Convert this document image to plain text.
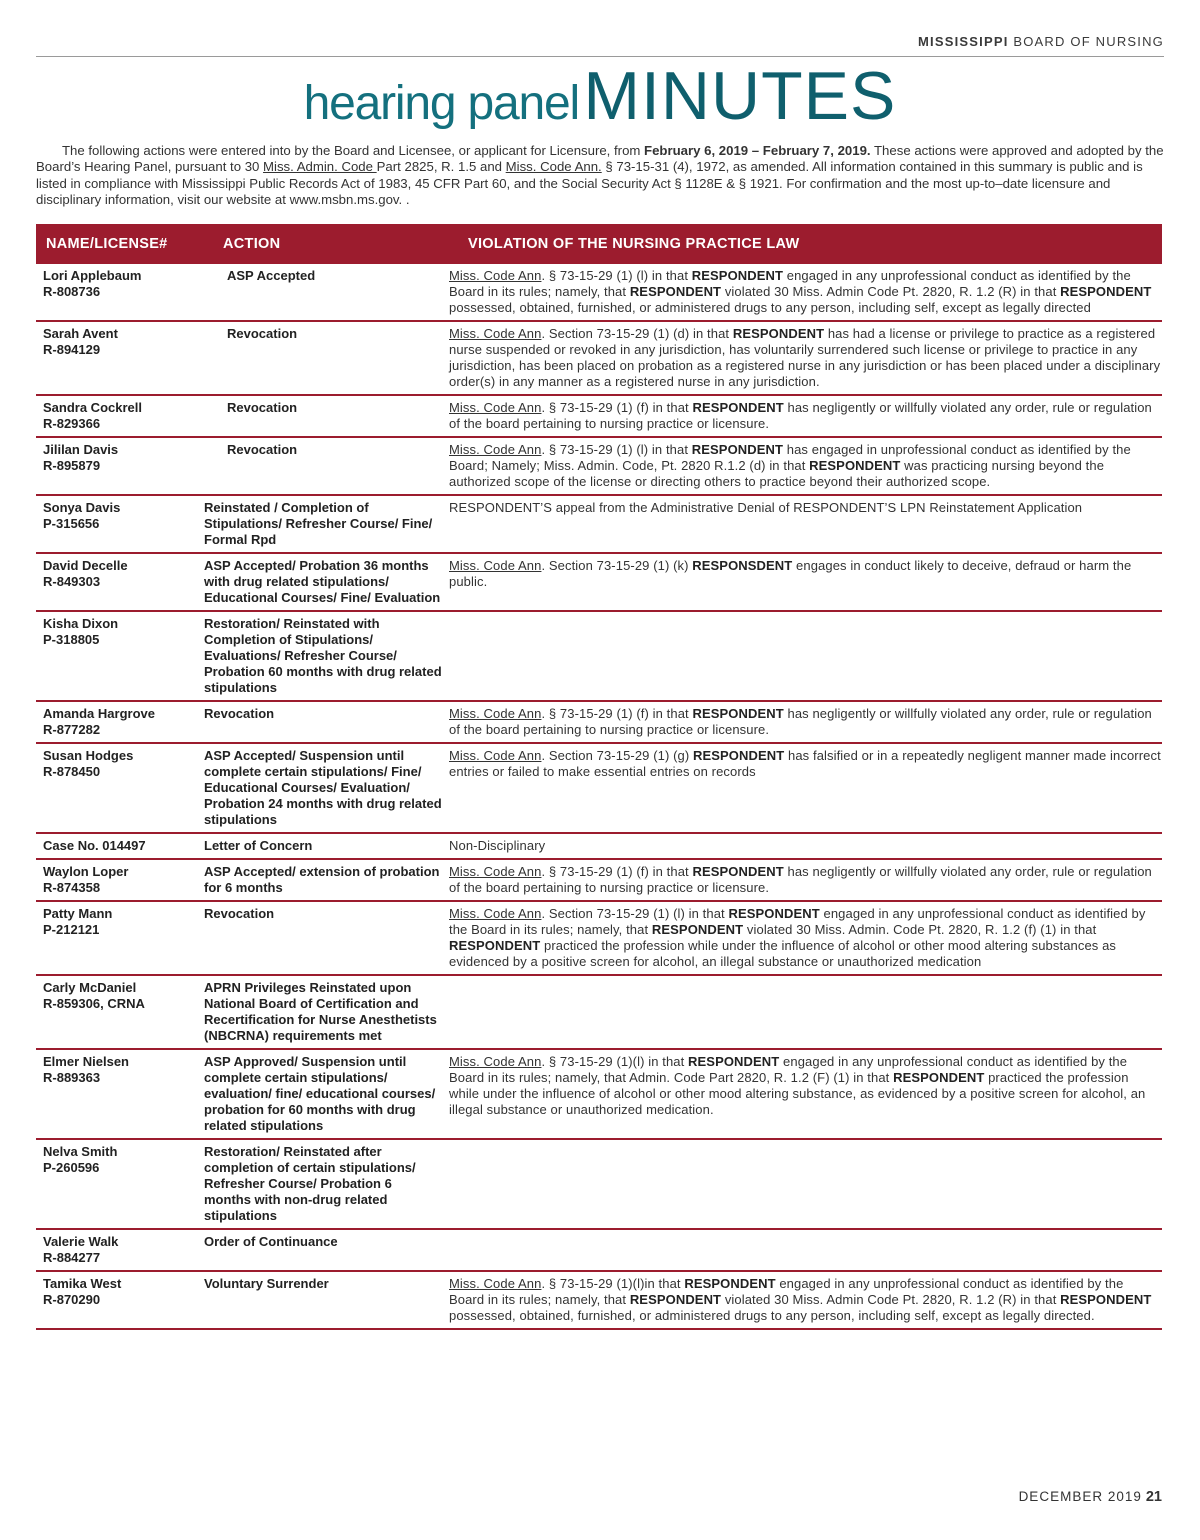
MISSISSIPPI BOARD OF NURSING
hearing panel MINUTES

The following actions were entered into by the Board and Licensee, or applicant for Licensure, from February 6, 2019 – February 7, 2019. These actions were approved and adopted by the Board’s Hearing Panel, pursuant to 30 Miss. Admin. Code Part 2825, R. 1.5 and Miss. Code Ann. § 73-15-31 (4), 1972, as amended. All information contained in this summary is public and is listed in compliance with Mississippi Public Records Act of 1983, 45 CFR Part 60, and the Social Security Act § 1128E & § 1921. For confirmation and the most up-to–date licensure and disciplinary information, visit our website at www.msbn.ms.gov. .

NAME/LICENSE#	ACTION	VIOLATION OF THE NURSING PRACTICE LAW

Lori Applebaum
R-808736	ASP Accepted	Miss. Code Ann. § 73-15-29 (1) (l) in that RESPONDENT engaged in any unprofessional conduct as identified by the Board in its rules; namely, that RESPONDENT violated 30 Miss. Admin Code Pt. 2820, R. 1.2 (R) in that RESPONDENT possessed, obtained, furnished, or administered drugs to any person, including self, except as legally directed

Sarah Avent
R-894129	Revocation	Miss. Code Ann. Section 73-15-29 (1) (d) in that RESPONDENT has had a license or privilege to practice as a registered nurse suspended or revoked in any jurisdiction, has voluntarily surrendered such license or privilege to practice in any jurisdiction, has been placed on probation as a registered nurse in any jurisdiction or has been placed under a disciplinary order(s) in any manner as a registered nurse in any jurisdiction.

Sandra Cockrell
R-829366	Revocation	Miss. Code Ann. § 73-15-29 (1) (f) in that RESPONDENT has negligently or willfully violated any order, rule or regulation of the board pertaining to nursing practice or licensure.

Jililan Davis
R-895879	Revocation	Miss. Code Ann. § 73-15-29 (1) (l) in that RESPONDENT has engaged in unprofessional conduct as identified by the Board; Namely; Miss. Admin. Code, Pt. 2820 R.1.2 (d) in that RESPONDENT was practicing nursing beyond the authorized scope of the license or directing others to practice beyond their authorized scope.

Sonya Davis
P-315656	Reinstated / Completion of Stipulations/ Refresher Course/ Fine/ Formal Rpd	RESPONDENT’S appeal from the Administrative Denial of RESPONDENT’S LPN Reinstatement Application

David Decelle
R-849303	ASP Accepted/ Probation 36 months with drug related stipulations/ Educational Courses/ Fine/ Evaluation	Miss. Code Ann. Section 73-15-29 (1) (k) RESPONSDENT engages in conduct likely to deceive, defraud or harm the public.

Kisha Dixon
P-318805	Restoration/ Reinstated with Completion of Stipulations/ Evaluations/ Refresher Course/ Probation 60 months with drug related stipulations	

Amanda Hargrove
R-877282	Revocation	Miss. Code Ann. § 73-15-29 (1) (f) in that RESPONDENT has negligently or willfully violated any order, rule or regulation of the board pertaining to nursing practice or licensure.

Susan Hodges
R-878450	ASP Accepted/ Suspension until complete certain stipulations/ Fine/ Educational Courses/ Evaluation/ Probation 24 months with drug related stipulations	Miss. Code Ann. Section 73-15-29 (1) (g) RESPONDENT has falsified or in a repeatedly negligent manner made incorrect entries or failed to make essential entries on records

Case No. 014497	Letter of Concern	Non-Disciplinary

Waylon Loper
R-874358	ASP Accepted/ extension of probation for 6 months	Miss. Code Ann. § 73-15-29 (1) (f) in that RESPONDENT has negligently or willfully violated any order, rule or regulation of the board pertaining to nursing practice or licensure.

Patty Mann
P-212121	Revocation	Miss. Code Ann. Section 73-15-29 (1) (l) in that RESPONDENT engaged in any unprofessional conduct as identified by the Board in its rules; namely, that RESPONDENT violated 30 Miss. Admin. Code Pt. 2820, R. 1.2 (f) (1) in that RESPONDENT practiced the profession while under the influence of alcohol or other mood altering substances as evidenced by a positive screen for alcohol, an illegal substance or unauthorized medication

Carly McDaniel
R-859306, CRNA	APRN Privileges Reinstated upon National Board of Certification and Recertification for Nurse Anesthetists (NBCRNA) requirements met	

Elmer Nielsen
R-889363	ASP Approved/ Suspension until complete certain stipulations/ evaluation/ fine/ educational courses/ probation for 60 months with drug related stipulations	Miss. Code Ann. § 73-15-29 (1)(l) in that RESPONDENT engaged in any unprofessional conduct as identified by the Board in its rules; namely, that Admin. Code Part 2820, R. 1.2 (F) (1) in that RESPONDENT practiced the profession while under the influence of alcohol or other mood altering substance, as evidenced by a positive screen for alcohol, an illegal substance or unauthorized medication.

Nelva Smith
P-260596	Restoration/ Reinstated after completion of certain stipulations/ Refresher Course/ Probation 6 months with non-drug related stipulations	

Valerie Walk
R-884277	Order of Continuance	

Tamika West
R-870290	Voluntary Surrender	Miss. Code Ann. § 73-15-29 (1)(l)in that RESPONDENT engaged in any unprofessional conduct as identified by the Board in its rules; namely, that RESPONDENT violated 30 Miss. Admin Code Pt. 2820, R. 1.2 (R) in that RESPONDENT possessed, obtained, furnished, or administered drugs to any person, including self, except as legally directed.
DECEMBER 2019 21
